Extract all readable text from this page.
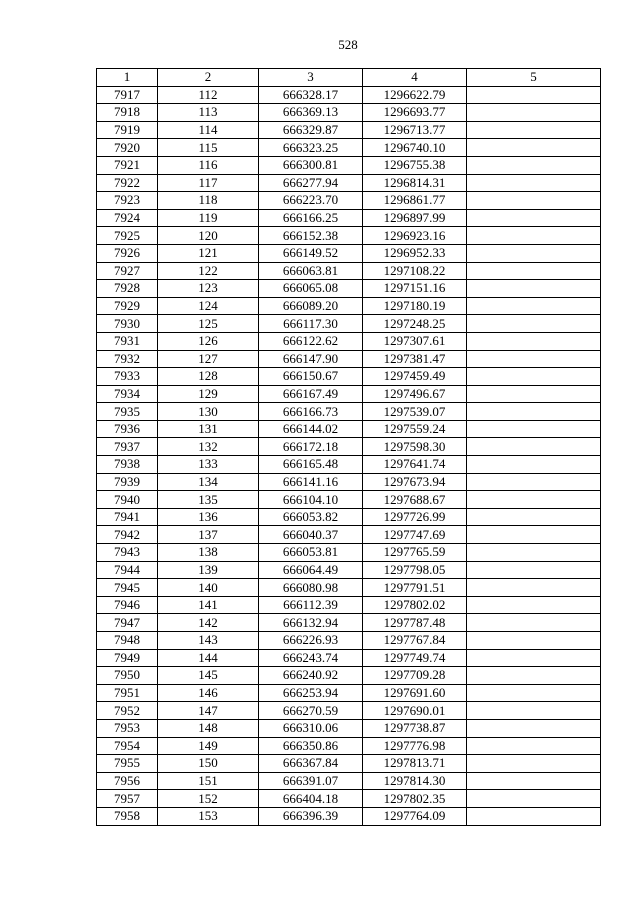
528
1	2	3	4	5
7917	112	666328.17	1296622.79	
7918	113	666369.13	1296693.77	
7919	114	666329.87	1296713.77	
7920	115	666323.25	1296740.10	
7921	116	666300.81	1296755.38	
7922	117	666277.94	1296814.31	
7923	118	666223.70	1296861.77	
7924	119	666166.25	1296897.99	
7925	120	666152.38	1296923.16	
7926	121	666149.52	1296952.33	
7927	122	666063.81	1297108.22	
7928	123	666065.08	1297151.16	
7929	124	666089.20	1297180.19	
7930	125	666117.30	1297248.25	
7931	126	666122.62	1297307.61	
7932	127	666147.90	1297381.47	
7933	128	666150.67	1297459.49	
7934	129	666167.49	1297496.67	
7935	130	666166.73	1297539.07	
7936	131	666144.02	1297559.24	
7937	132	666172.18	1297598.30	
7938	133	666165.48	1297641.74	
7939	134	666141.16	1297673.94	
7940	135	666104.10	1297688.67	
7941	136	666053.82	1297726.99	
7942	137	666040.37	1297747.69	
7943	138	666053.81	1297765.59	
7944	139	666064.49	1297798.05	
7945	140	666080.98	1297791.51	
7946	141	666112.39	1297802.02	
7947	142	666132.94	1297787.48	
7948	143	666226.93	1297767.84	
7949	144	666243.74	1297749.74	
7950	145	666240.92	1297709.28	
7951	146	666253.94	1297691.60	
7952	147	666270.59	1297690.01	
7953	148	666310.06	1297738.87	
7954	149	666350.86	1297776.98	
7955	150	666367.84	1297813.71	
7956	151	666391.07	1297814.30	
7957	152	666404.18	1297802.35	
7958	153	666396.39	1297764.09	
